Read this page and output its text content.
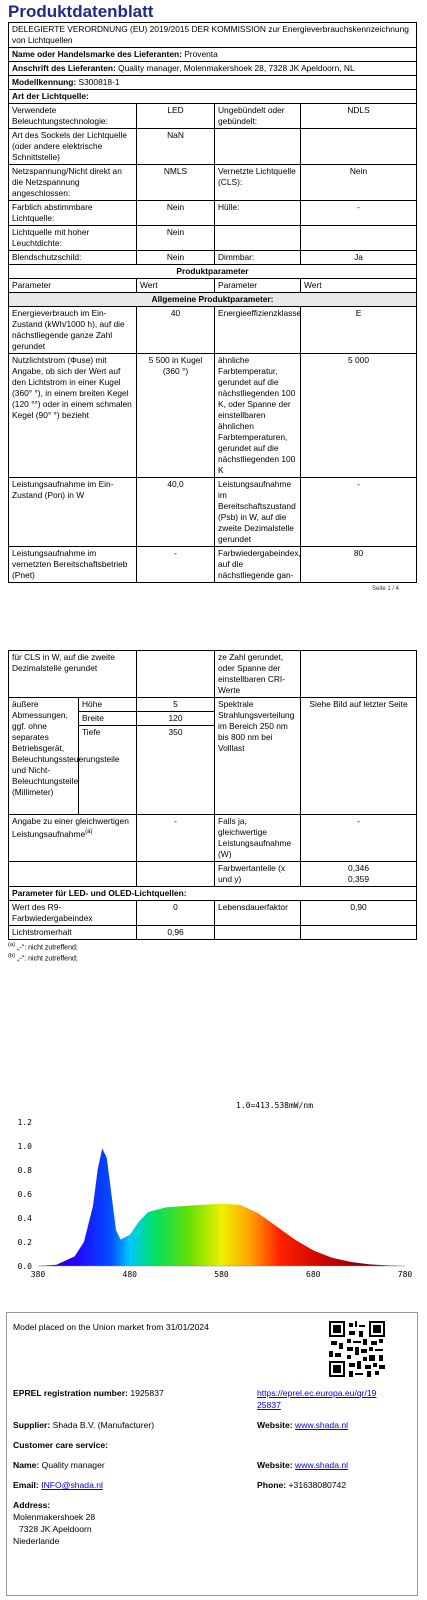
Produktdatenblatt
DELEGIERTE VERORDNUNG (EU) 2019/2015 DER KOMMISSION zur Energieverbrauchskennzeichnung von Lichtquellen			
Name oder Handelsmarke des Lieferanten: Proventa			
Anschrift des Lieferanten: Quality manager, Molenmakershoek 28, 7328 JK Apeldoorn, NL			
Modellkennung: S300818-1			
Art der Lichtquelle:			
Verwendete Beleuchtungstechnologie:	LED	Ungebündelt oder gebündelt:	NDLS
Art des Sockels der Lichtquelle (oder andere elektrische Schnittstelle)	NaN		
Netzspannung/Nicht direkt an die Netzspannung angeschlossen:	NMLS	Vernetzte Lichtquelle (CLS):	Nein
Farblich abstimmbare Lichtquelle:	Nein	Hülle:	-
Lichtquelle mit hoher Leuchtdichte:	Nein		
Blendschutzschild:	Nein	Dimmbar:	Ja
Produktparameter			
Parameter	Wert	Parameter	Wert
Allgemeine Produktparameter:			
Energieverbrauch im Ein-Zustand (kWh/1000 h), auf die nächstliegende ganze Zahl gerundet	40	Energieeffizienzklasse	E
Nutzlichtstrom (Φuse) mit Angabe, ob sich der Wert auf den Lichtstrom in einer Kugel (360° °), in einem breiten Kegel (120 °°) oder in einem schmalen Kegel (90° °) bezieht	5 500 in Kugel (360 °)	ähnliche Farbtemperatur, gerundet auf die nächstliegenden 100 K, oder Spanne der einstellbaren ähnlichen Farbtemperaturen, gerundet auf die nächstliegenden 100 K	5 000
Leistungsaufnahme im Ein-Zustand (Pon) in W	40,0	Leistungsaufnahme im Bereitschaftszustand (Psb) in W, auf die zweite Dezimalstelle gerundet	-
Leistungsaufnahme im vernetzten Bereitschaftsbetrieb (Pnet)	-	Farbwiedergabeindex, auf die nächstliegende gan-	80
Seite 1 / 4
für CLS in W, auf die zweite Dezimalstelle gerundet			ze Zahl gerundet, oder Spanne der einstellbaren CRI-Werte	
äußere Abmessungen, ggf. ohne separates Betriebsgerät, Beleuchtungssteuerungsteile und Nicht-Beleuchtungsteile (Millimeter)	Höhe	5	Spektrale Strahlungsverteilung im Bereich 250 nm bis 800 nm bei Volllast	Siehe Bild auf letzter Seite
	Breite	120		
	Tiefe	350		
Angabe zu einer gleichwertigen Leistungsaufnahme$^{(a)}$		-	Falls ja, gleichwertige Leistungsaufnahme (W)	-
			Farbwertanteile (x und y)	0,346
0,359

Parameter für LED- und OLED-Lichtquellen:				
Wert des R9-Farbwiedergabeindex		0	Lebensdauerfaktor	0,90
Lichtstromerhalt		0,96		
$^{(a)}$ „-": nicht zutreffend;
$^{(b)}$ „-": nicht zutreffend;
1.0=413.538mW/nm
0.0
0.2
0.4
0.6
0.8
1.0
1.2
380	480	580	680	780
Model placed on the Union market from 31/01/2024
EPREL registration number: 1925837	https://eprel.ec.europa.eu/qr/19
25837
Supplier: Shada B.V. (Manufacturer)	Website: www.shada.nl
Customer care service:
Name: Quality manager	Website: www.shada.nl
Email: INFO@shada.nl	Phone: +31638080742
Address:
Molenmakershoek 28
7328 JK Apeldoorn
Niederlande
